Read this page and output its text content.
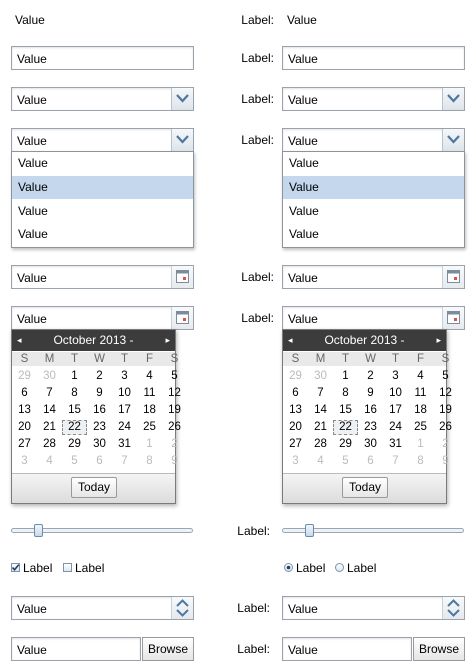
Value	Label: Value
Value	Label: Value
Value	Label: Value
Value
Value
Value
Value
Value
Label: Value
Value
Value
Value
Value
Value	Label: Value
Value	Label: Value
◂	October 2013 -	▸
S	M	T	W	T	F	S
29	30	1	2	3	4	5
6	7	8	9	10	11	12
13	14	15	16	17	18	19
20	21	22	23	24	25	26
27	28	29	30	31	1	2
3	4	5	6	7	8	9
Today
◂	October 2013 -	▸
S	M	T	W	T	F	S
29	30	1	2	3	4	5
6	7	8	9	10	11	12
13	14	15	16	17	18	19
20	21	22	23	24	25	26
27	28	29	30	31	1	2
3	4	5	6	7	8	9
Today
Label:
Label Label	Label Label
Value	Label: Value
Value	Browse	Label: Value	Browse
